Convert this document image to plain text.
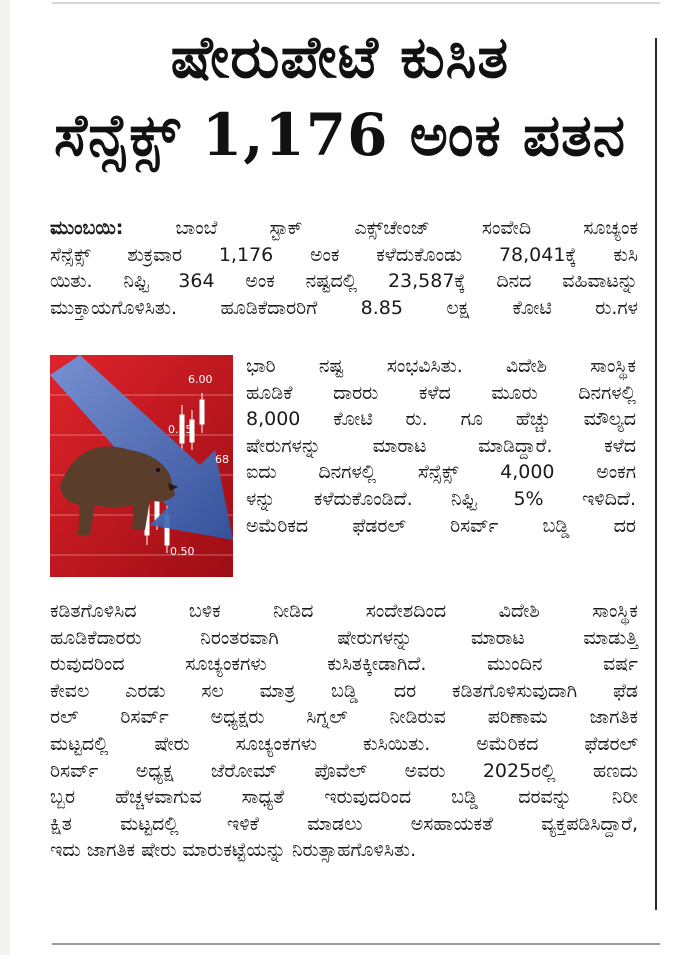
ಷೇರುಪೇಟೆ ಕುಸಿತ
ಸೆನ್ಸೆಕ್ಸ್ 1,176 ಅಂಕ ಪತನ
ಮುಂಬಯಿ:	ಬಾಂಬೆ ಸ್ಟಾಕ್ ಎಕ್ಸ್‌ಚೇಂಜ್ ಸಂವೇದಿ ಸೂಚ್ಯಂಕ
ಸೆನ್ಸೆಕ್ಸ್ ಶುಕ್ರವಾರ 1,176 ಅಂಕ ಕಳೆದುಕೊಂಡು 78,041ಕ್ಕೆ ಕುಸಿ
ಯಿತು. ನಿಫ್ಟಿ 364 ಅಂಕ ನಷ್ಟದಲ್ಲಿ 23,587ಕ್ಕೆ ದಿನದ ವಹಿವಾಟನ್ನು
ಮುಕ್ತಾಯಗೊಳಿಸಿತು. ಹೂಡಿಕೆದಾರರಿಗೆ 8.85 ಲಕ್ಷ ಕೋಟಿ ರು.ಗಳ
6.00
0.25
68
0.50
ಭಾರಿ ನಷ್ಟ ಸಂಭವಿಸಿತು. ವಿದೇಶಿ ಸಾಂಸ್ಥಿಕ
ಹೂಡಿಕೆ ದಾರರು ಕಳೆದ ಮೂರು ದಿನಗಳಲ್ಲಿ
8,000 ಕೋಟಿ ರು. ಗೂ ಹೆಚ್ಚು ಮೌಲ್ಯದ
ಷೇರುಗಳನ್ನು ಮಾರಾಟ ಮಾಡಿದ್ದಾರೆ. ಕಳೆದ
ಐದು ದಿನಗಳಲ್ಲಿ ಸೆನ್ಸೆಕ್ಸ್ 4,000 ಅಂಕಗ
ಳನ್ನು ಕಳೆದುಕೊಂಡಿದೆ. ನಿಫ್ಟಿ 5% ಇಳಿದಿದೆ.
ಅಮೆರಿಕದ ಫೆಡರಲ್ ರಿಸರ್ವ್ ಬಡ್ಡಿ ದರ
ಕಡಿತಗೊಳಿಸಿದ ಬಳಿಕ ನೀಡಿದ ಸಂದೇಶದಿಂದ ವಿದೇಶಿ ಸಾಂಸ್ಥಿಕ
ಹೂಡಿಕೆದಾರರು ನಿರಂತರವಾಗಿ ಷೇರುಗಳನ್ನು ಮಾರಾಟ ಮಾಡುತ್ತಿ
ರುವುದರಿಂದ ಸೂಚ್ಯಂಕಗಳು ಕುಸಿತಕ್ಕೀಡಾಗಿದೆ. ಮುಂದಿನ ವರ್ಷ
ಕೇವಲ ಎರಡು ಸಲ ಮಾತ್ರ ಬಡ್ಡಿ ದರ ಕಡಿತಗೊಳಿಸುವುದಾಗಿ ಫೆಡ
ರಲ್ ರಿಸರ್ವ್ ಅಧ್ಯಕ್ಷರು ಸಿಗ್ನಲ್ ನೀಡಿರುವ ಪರಿಣಾಮ ಜಾಗತಿಕ
ಮಟ್ಟದಲ್ಲಿ ಷೇರು ಸೂಚ್ಯಂಕಗಳು ಕುಸಿಯಿತು. ಅಮೆರಿಕದ ಫೆಡರಲ್
ರಿಸರ್ವ್ ಅಧ್ಯಕ್ಷ ಜೆರೋಮ್ ಪೊವೆಲ್ ಅವರು 2025ರಲ್ಲಿ ಹಣದು
ಬ್ಬರ ಹೆಚ್ಚಳವಾಗುವ ಸಾಧ್ಯತೆ ಇರುವುದರಿಂದ ಬಡ್ಡಿ ದರವನ್ನು ನಿರೀ
ಕ್ಷಿತ ಮಟ್ಟದಲ್ಲಿ ಇಳಿಕೆ ಮಾಡಲು ಅಸಹಾಯಕತೆ ವ್ಯಕ್ತಪಡಿಸಿದ್ದಾರೆ,
ಇದು ಜಾಗತಿಕ ಷೇರು ಮಾರುಕಟ್ಟೆಯನ್ನು ನಿರುತ್ಸಾಹಗೊಳಿಸಿತು.
